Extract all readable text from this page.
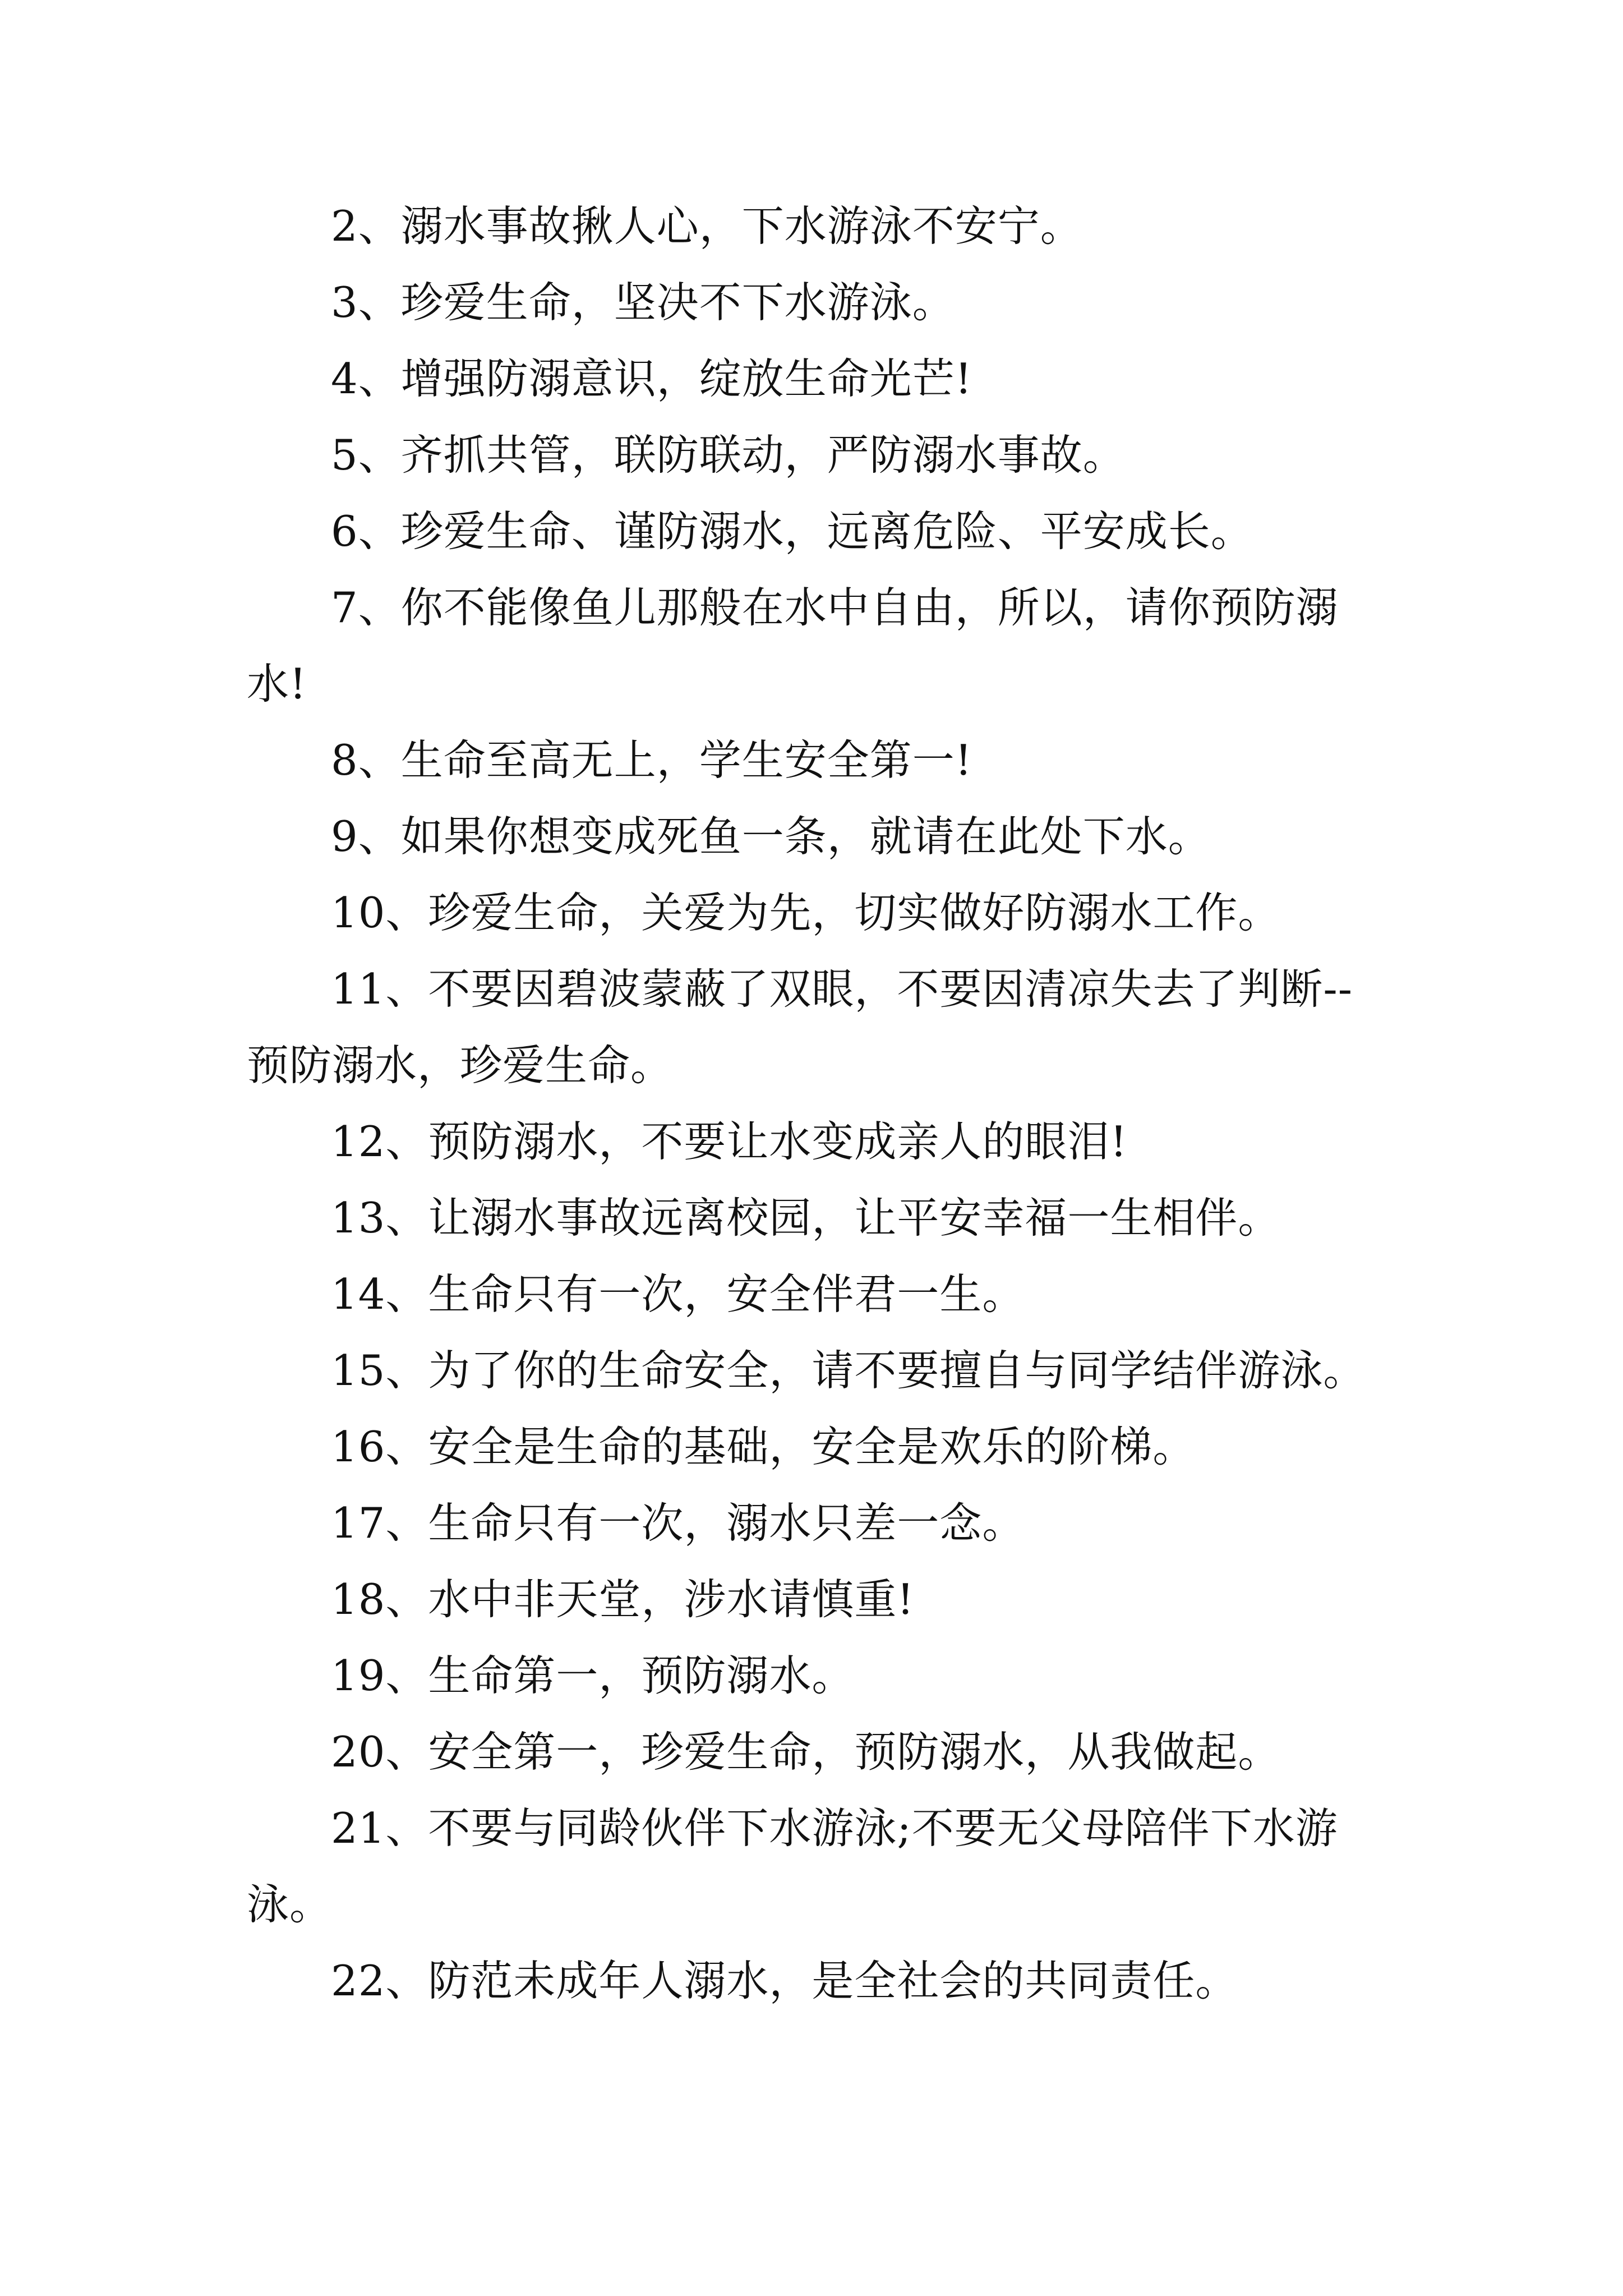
2、溺水事故揪人心，下水游泳不安宁。

3、珍爱生命，坚决不下水游泳。

4、增强防溺意识，绽放生命光芒!

5、齐抓共管，联防联动，严防溺水事故。

6、珍爱生命、谨防溺水，远离危险、平安成长。

7、你不能像鱼儿那般在水中自由，所以，请你预防溺水!

8、生命至高无上，学生安全第一!

9、如果你想变成死鱼一条，就请在此处下水。

10、珍爱生命，关爱为先，切实做好防溺水工作。

11、不要因碧波蒙蔽了双眼，不要因清凉失去了判断--预防溺水，珍爱生命。

12、预防溺水，不要让水变成亲人的眼泪!

13、让溺水事故远离校园，让平安幸福一生相伴。

14、生命只有一次，安全伴君一生。

15、为了你的生命安全，请不要擅自与同学结伴游泳。

16、安全是生命的基础，安全是欢乐的阶梯。

17、生命只有一次，溺水只差一念。

18、水中非天堂，涉水请慎重!

19、生命第一，预防溺水。

20、安全第一，珍爱生命，预防溺水，从我做起。

21、不要与同龄伙伴下水游泳;不要无父母陪伴下水游泳。

22、防范未成年人溺水，是全社会的共同责任。
